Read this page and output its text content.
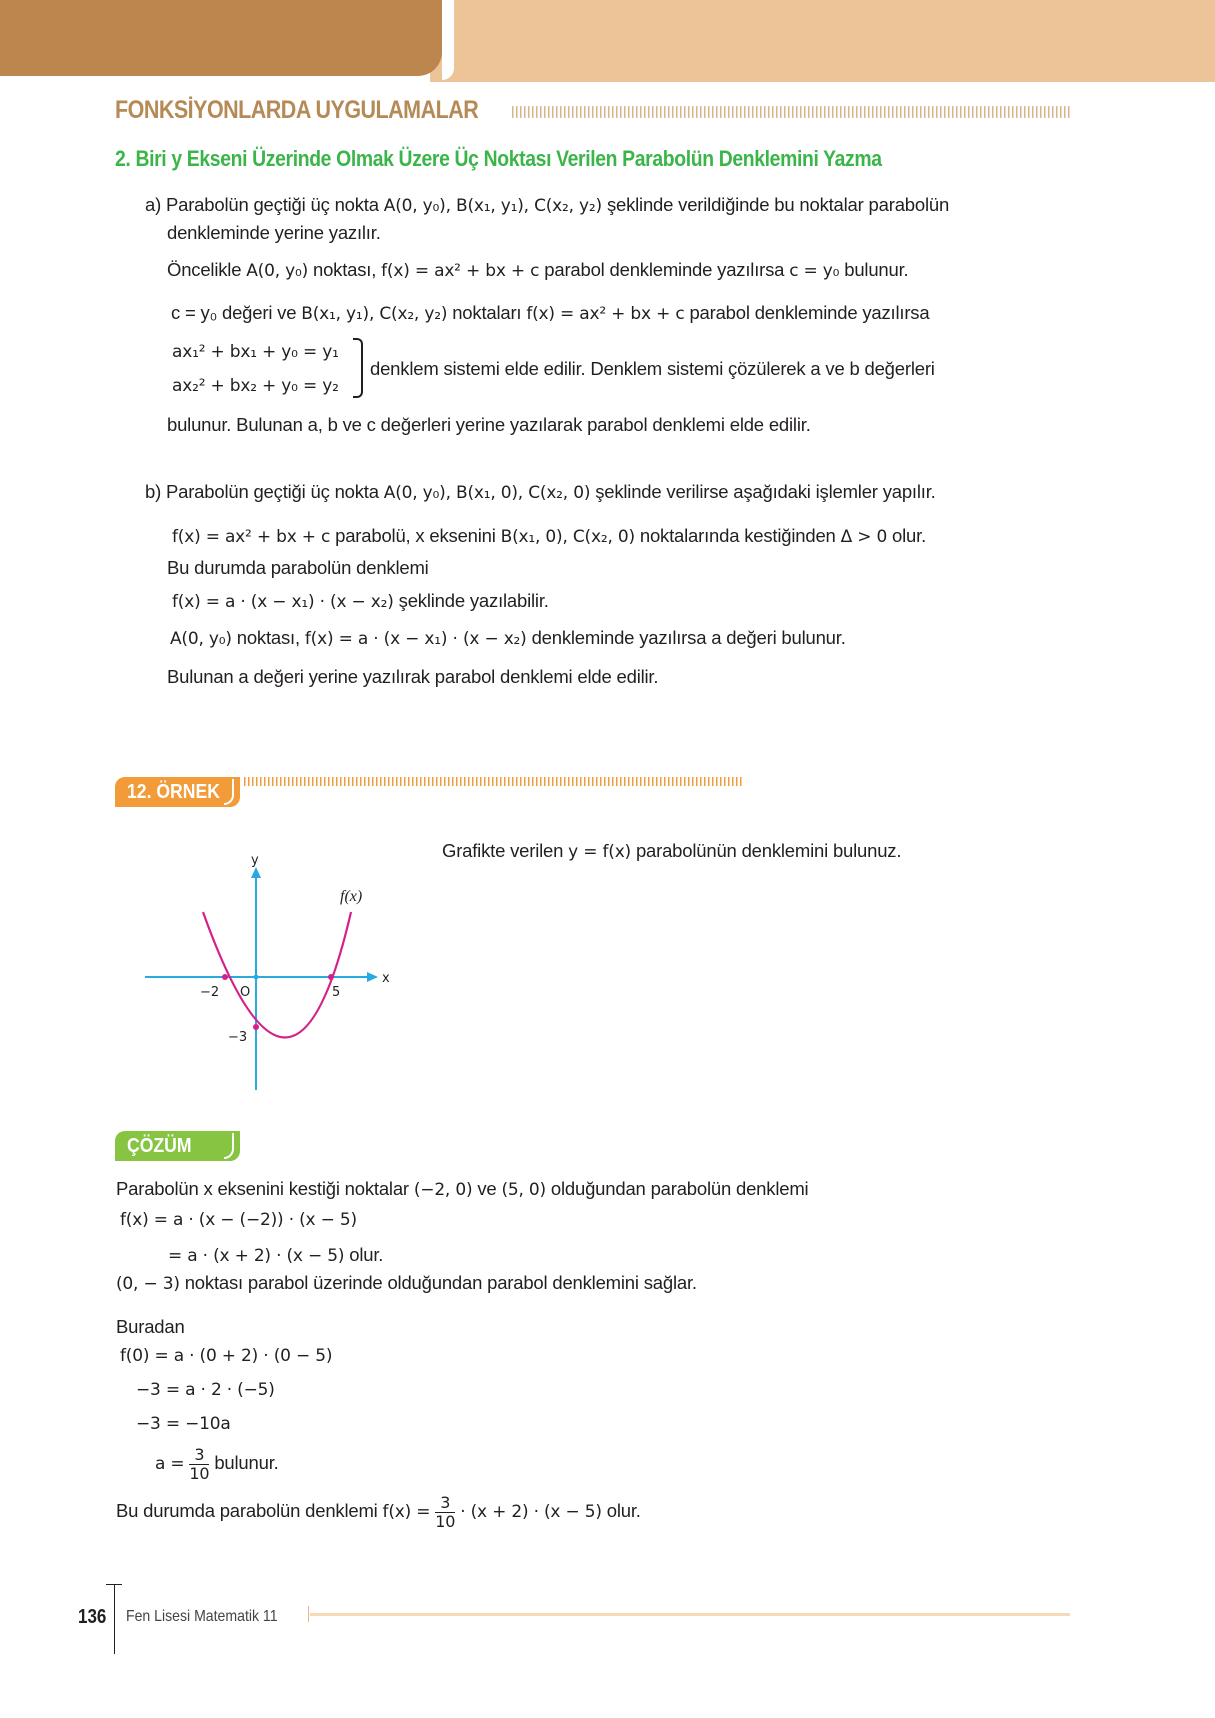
FONKSİYONLARDA UYGULAMALAR
2. Biri y Ekseni Üzerinde Olmak Üzere Üç Noktası Verilen Parabolün Denklemini Yazma
a) Parabolün geçtiği üç nokta A(0, y₀), B(x₁, y₁), C(x₂, y₂) şeklinde verildiğinde bu noktalar parabolün
denkleminde yerine yazılır.
Öncelikle A(0, y₀) noktası, f(x) = ax² + bx + c parabol denkleminde yazılırsa c = y₀ bulunur.
c = y₀ değeri ve B(x₁, y₁), C(x₂, y₂) noktaları f(x) = ax² + bx + c parabol denkleminde yazılırsa
ax₁² + bx₁ + y₀ = y₁
ax₂² + bx₂ + y₀ = y₂
denklem sistemi elde edilir. Denklem sistemi çözülerek a ve b değerleri
bulunur. Bulunan a, b ve c değerleri yerine yazılarak parabol denklemi elde edilir.
b) Parabolün geçtiği üç nokta A(0, y₀), B(x₁, 0), C(x₂, 0) şeklinde verilirse aşağıdaki işlemler yapılır.
f(x) = ax² + bx + c parabolü, x eksenini B(x₁, 0), C(x₂, 0) noktalarında kestiğinden Δ > 0 olur.
Bu durumda parabolün denklemi
f(x) = a · (x − x₁) · (x − x₂) şeklinde yazılabilir.
A(0, y₀) noktası, f(x) = a · (x − x₁) · (x − x₂) denkleminde yazılırsa a değeri bulunur.
Bulunan a değeri yerine yazılırak parabol denklemi elde edilir.
12. ÖRNEK
y
x
O
−2	5
−3
f(x)
Grafikte verilen y = f(x) parabolünün denklemini bulunuz.
ÇÖZÜM
Parabolün x eksenini kestiği noktalar (−2, 0) ve (5, 0) olduğundan parabolün denklemi
f(x) = a · (x − (−2)) · (x − 5)
= a · (x + 2) · (x − 5) olur.
(0, − 3) noktası parabol üzerinde olduğundan parabol denklemini sağlar.
Buradan
f(0) = a · (0 + 2) · (0 − 5)
−3 = a · 2 · (−5)
−3 = −10a
$a = \frac{3}{10}$ bulunur.
Bu durumda parabolün denklemi $f(x) = \frac{3}{10} \cdot (x + 2) \cdot (x - 5)$ olur.
136 Fen Lisesi Matematik 11
